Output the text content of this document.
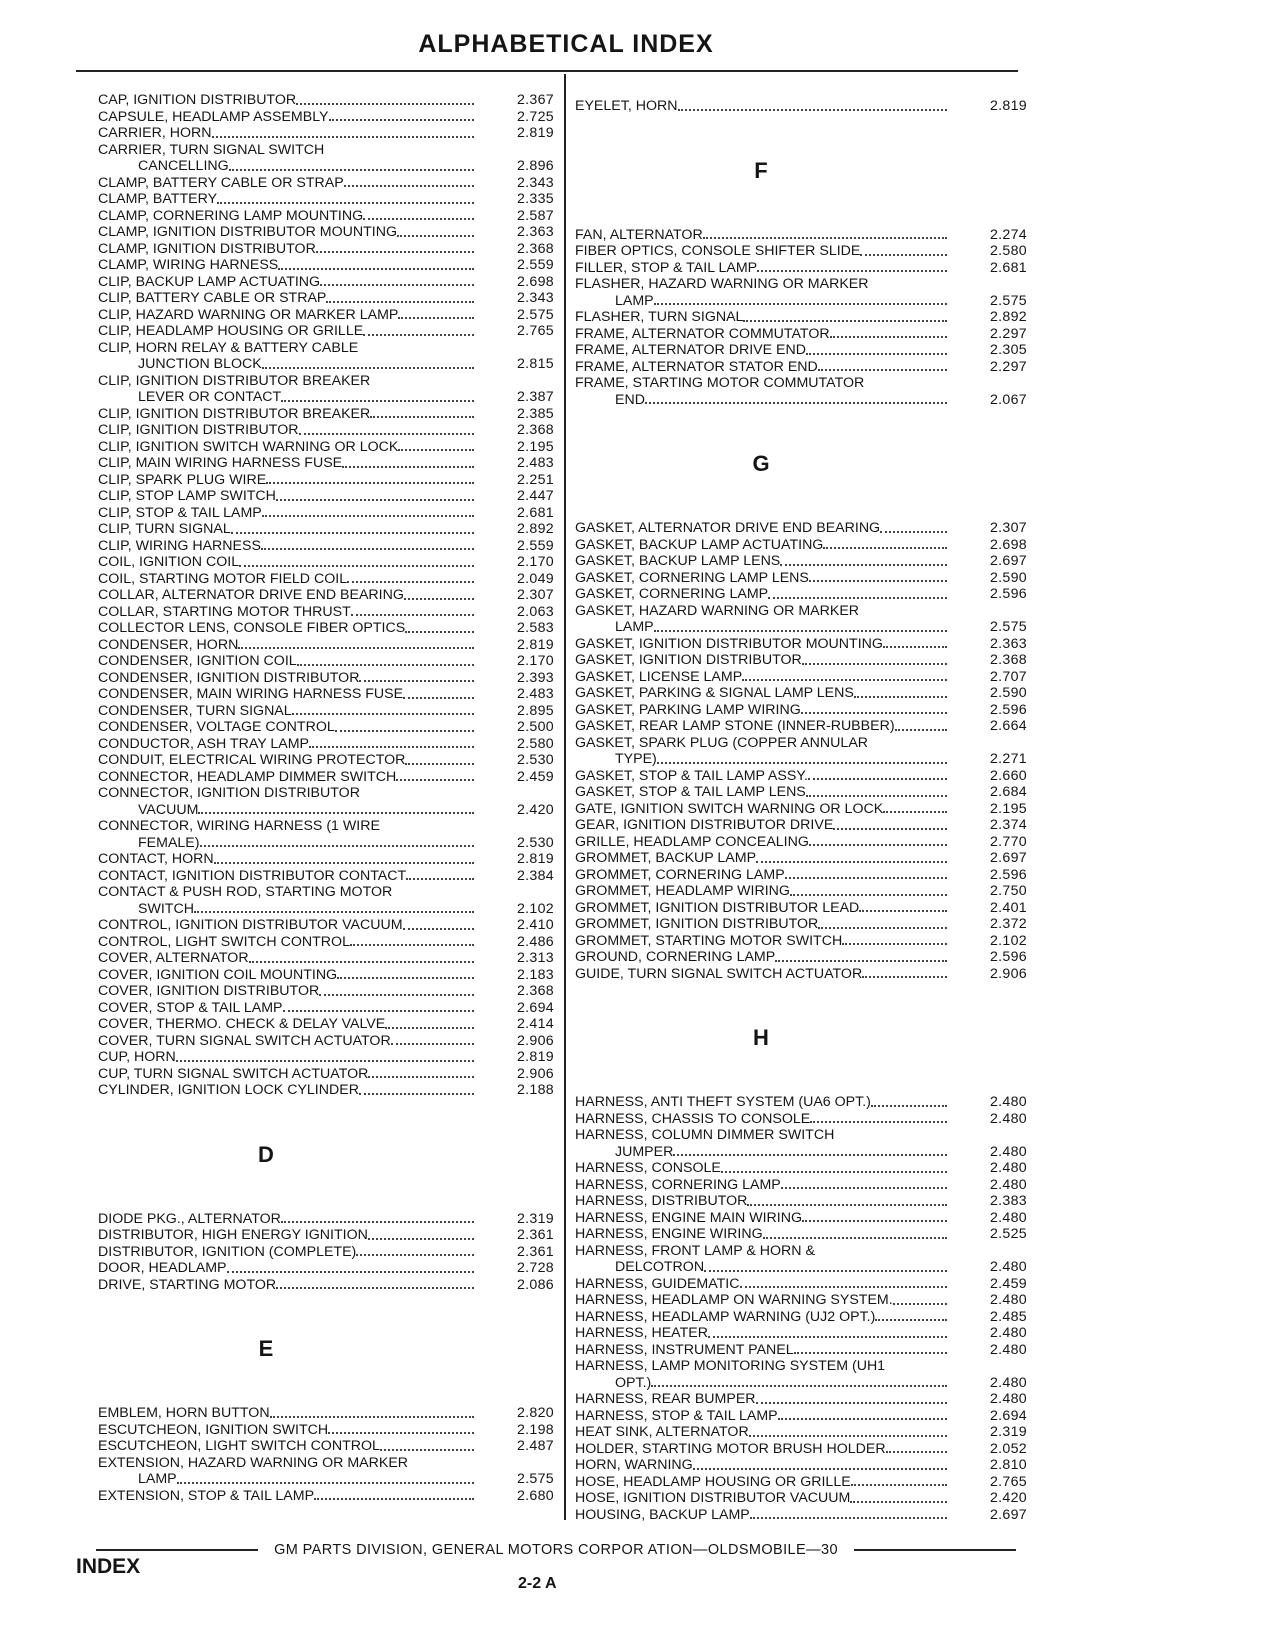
ALPHABETICAL INDEX
CAP, IGNITION DISTRIBUTOR	2.367
CAPSULE, HEADLAMP ASSEMBLY	2.725
CARRIER, HORN	2.819
CARRIER, TURN SIGNAL SWITCH
CANCELLING	2.896
CLAMP, BATTERY CABLE OR STRAP	2.343
CLAMP, BATTERY	2.335
CLAMP, CORNERING LAMP MOUNTING	2.587
CLAMP, IGNITION DISTRIBUTOR MOUNTING	2.363
CLAMP, IGNITION DISTRIBUTOR	2.368
CLAMP, WIRING HARNESS	2.559
CLIP, BACKUP LAMP ACTUATING	2.698
CLIP, BATTERY CABLE OR STRAP	2.343
CLIP, HAZARD WARNING OR MARKER LAMP	2.575
CLIP, HEADLAMP HOUSING OR GRILLE	2.765
CLIP, HORN RELAY & BATTERY CABLE
JUNCTION BLOCK	2.815
CLIP, IGNITION DISTRIBUTOR BREAKER
LEVER OR CONTACT	2.387
CLIP, IGNITION DISTRIBUTOR BREAKER	2.385
CLIP, IGNITION DISTRIBUTOR	2.368
CLIP, IGNITION SWITCH WARNING OR LOCK	2.195
CLIP, MAIN WIRING HARNESS FUSE	2.483
CLIP, SPARK PLUG WIRE	2.251
CLIP, STOP LAMP SWITCH	2.447
CLIP, STOP & TAIL LAMP	2.681
CLIP, TURN SIGNAL	2.892
CLIP, WIRING HARNESS	2.559
COIL, IGNITION COIL	2.170
COIL, STARTING MOTOR FIELD COIL	2.049
COLLAR, ALTERNATOR DRIVE END BEARING	2.307
COLLAR, STARTING MOTOR THRUST	2.063
COLLECTOR LENS, CONSOLE FIBER OPTICS	2.583
CONDENSER, HORN	2.819
CONDENSER, IGNITION COIL	2.170
CONDENSER, IGNITION DISTRIBUTOR	2.393
CONDENSER, MAIN WIRING HARNESS FUSE	2.483
CONDENSER, TURN SIGNAL	2.895
CONDENSER, VOLTAGE CONTROL	2.500
CONDUCTOR, ASH TRAY LAMP	2.580
CONDUIT, ELECTRICAL WIRING PROTECTOR	2.530
CONNECTOR, HEADLAMP DIMMER SWITCH	2.459
CONNECTOR, IGNITION DISTRIBUTOR
VACUUM	2.420
CONNECTOR, WIRING HARNESS (1 WIRE
FEMALE)	2.530
CONTACT, HORN	2.819
CONTACT, IGNITION DISTRIBUTOR CONTACT	2.384
CONTACT & PUSH ROD, STARTING MOTOR
SWITCH	2.102
CONTROL, IGNITION DISTRIBUTOR VACUUM	2.410
CONTROL, LIGHT SWITCH CONTROL	2.486
COVER, ALTERNATOR	2.313
COVER, IGNITION COIL MOUNTING	2.183
COVER, IGNITION DISTRIBUTOR	2.368
COVER, STOP & TAIL LAMP	2.694
COVER, THERMO. CHECK & DELAY VALVE	2.414
COVER, TURN SIGNAL SWITCH ACTUATOR	2.906
CUP, HORN	2.819
CUP, TURN SIGNAL SWITCH ACTUATOR	2.906
CYLINDER, IGNITION LOCK CYLINDER	2.188
D
DIODE PKG., ALTERNATOR	2.319
DISTRIBUTOR, HIGH ENERGY IGNITION	2.361
DISTRIBUTOR, IGNITION (COMPLETE)	2.361
DOOR, HEADLAMP	2.728
DRIVE, STARTING MOTOR	2.086
E
EMBLEM, HORN BUTTON	2.820
ESCUTCHEON, IGNITION SWITCH	2.198
ESCUTCHEON, LIGHT SWITCH CONTROL	2.487
EXTENSION, HAZARD WARNING OR MARKER
LAMP	2.575
EXTENSION, STOP & TAIL LAMP	2.680
EYELET, HORN	2.819
F
FAN, ALTERNATOR	2.274
FIBER OPTICS, CONSOLE SHIFTER SLIDE	2.580
FILLER, STOP & TAIL LAMP	2.681
FLASHER, HAZARD WARNING OR MARKER
LAMP	2.575
FLASHER, TURN SIGNAL	2.892
FRAME, ALTERNATOR COMMUTATOR	2.297
FRAME, ALTERNATOR DRIVE END	2.305
FRAME, ALTERNATOR STATOR END	2.297
FRAME, STARTING MOTOR COMMUTATOR
END	2.067
G
GASKET, ALTERNATOR DRIVE END BEARING	2.307
GASKET, BACKUP LAMP ACTUATING	2.698
GASKET, BACKUP LAMP LENS	2.697
GASKET, CORNERING LAMP LENS	2.590
GASKET, CORNERING LAMP	2.596
GASKET, HAZARD WARNING OR MARKER
LAMP	2.575
GASKET, IGNITION DISTRIBUTOR MOUNTING	2.363
GASKET, IGNITION DISTRIBUTOR	2.368
GASKET, LICENSE LAMP	2.707
GASKET, PARKING & SIGNAL LAMP LENS	2.590
GASKET, PARKING LAMP WIRING	2.596
GASKET, REAR LAMP STONE (INNER-RUBBER)	2.664
GASKET, SPARK PLUG (COPPER ANNULAR
TYPE)	2.271
GASKET, STOP & TAIL LAMP ASSY.	2.660
GASKET, STOP & TAIL LAMP LENS	2.684
GATE, IGNITION SWITCH WARNING OR LOCK	2.195
GEAR, IGNITION DISTRIBUTOR DRIVE	2.374
GRILLE, HEADLAMP CONCEALING	2.770
GROMMET, BACKUP LAMP	2.697
GROMMET, CORNERING LAMP	2.596
GROMMET, HEADLAMP WIRING	2.750
GROMMET, IGNITION DISTRIBUTOR LEAD	2.401
GROMMET, IGNITION DISTRIBUTOR	2.372
GROMMET, STARTING MOTOR SWITCH	2.102
GROUND, CORNERING LAMP	2.596
GUIDE, TURN SIGNAL SWITCH ACTUATOR	2.906
H
HARNESS, ANTI THEFT SYSTEM (UA6 OPT.)	2.480
HARNESS, CHASSIS TO CONSOLE	2.480
HARNESS, COLUMN DIMMER SWITCH
JUMPER	2.480
HARNESS, CONSOLE	2.480
HARNESS, CORNERING LAMP	2.480
HARNESS, DISTRIBUTOR	2.383
HARNESS, ENGINE MAIN WIRING	2.480
HARNESS, ENGINE WIRING	2.525
HARNESS, FRONT LAMP & HORN &
DELCOTRON	2.480
HARNESS, GUIDEMATIC	2.459
HARNESS, HEADLAMP ON WARNING SYSTEM.	2.480
HARNESS, HEADLAMP WARNING (UJ2 OPT.)	2.485
HARNESS, HEATER	2.480
HARNESS, INSTRUMENT PANEL	2.480
HARNESS, LAMP MONITORING SYSTEM (UH1
OPT.)	2.480
HARNESS, REAR BUMPER	2.480
HARNESS, STOP & TAIL LAMP	2.694
HEAT SINK, ALTERNATOR	2.319
HOLDER, STARTING MOTOR BRUSH HOLDER	2.052
HORN, WARNING	2.810
HOSE, HEADLAMP HOUSING OR GRILLE	2.765
HOSE, IGNITION DISTRIBUTOR VACUUM	2.420
HOUSING, BACKUP LAMP	2.697
GM PARTS DIVISION, GENERAL MOTORS CORPOR ATION—OLDSMOBILE—30
INDEX
2-2 A
